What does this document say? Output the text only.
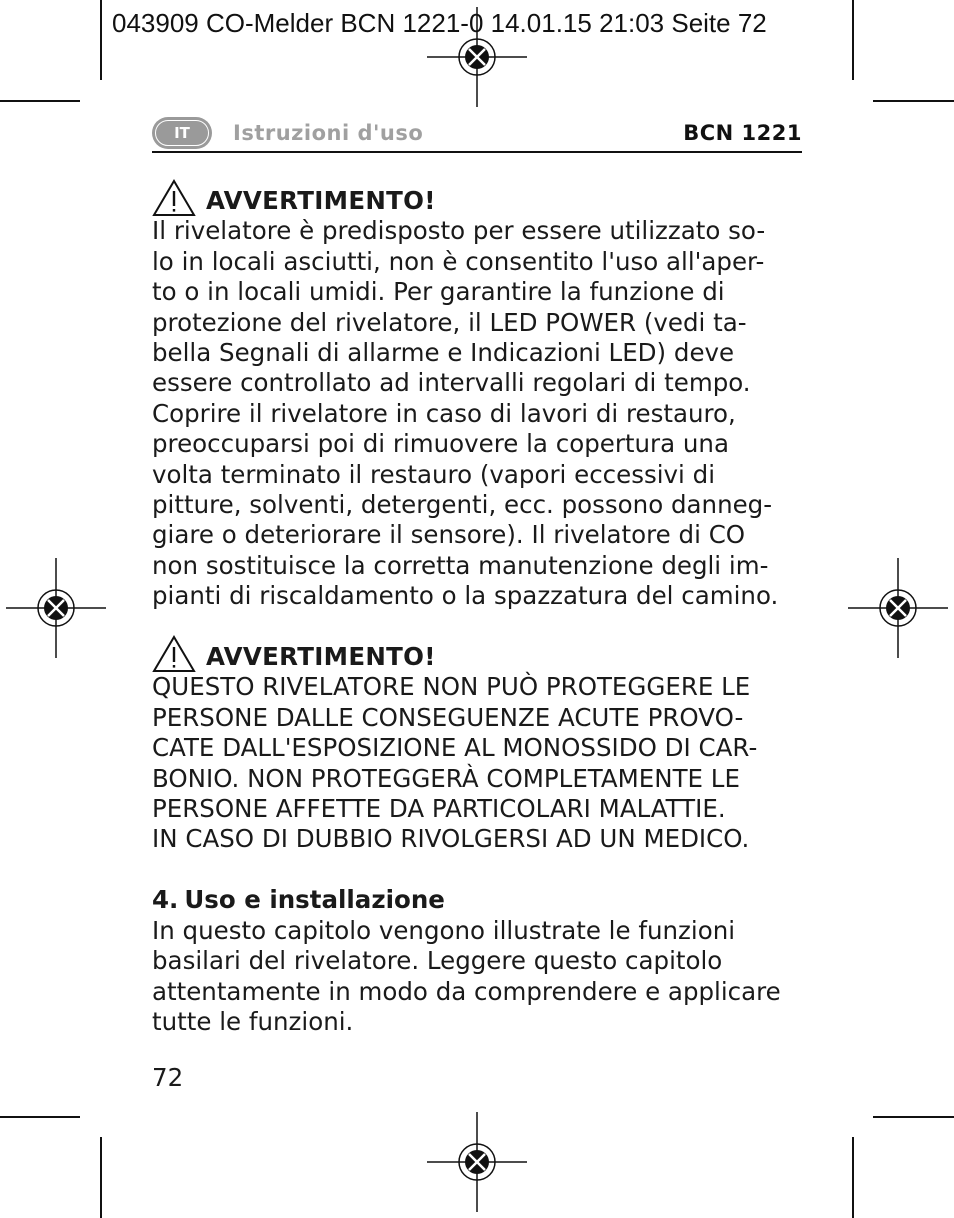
043909 CO-Melder BCN 1221-0 14.01.15 21:03 Seite 72
IT	Istruzioni d'uso	BCN 1221
AVVERTIMENTO!

Il rivelatore è predisposto per essere utilizzato so-

lo in locali asciutti, non è consentito l'uso all'aper-

to o in locali umidi. Per garantire la funzione di

protezione del rivelatore, il LED POWER (vedi ta-

bella Segnali di allarme e Indicazioni LED) deve

essere controllato ad intervalli regolari di tempo.

Coprire il rivelatore in caso di lavori di restauro,

preoccuparsi poi di rimuovere la copertura una

volta terminato il restauro (vapori eccessivi di

pitture, solventi, detergenti, ecc. possono danneg-

giare o deteriorare il sensore). Il rivelatore di CO

non sostituisce la corretta manutenzione degli im-

pianti di riscaldamento o la spazzatura del camino.

AVVERTIMENTO!

QUESTO RIVELATORE NON PUÒ PROTEGGERE LE

PERSONE DALLE CONSEGUENZE ACUTE PROVO-

CATE DALL'ESPOSIZIONE AL MONOSSIDO DI CAR-

BONIO. NON PROTEGGERÀ COMPLETAMENTE LE

PERSONE AFFETTE DA PARTICOLARI MALATTIE.

IN CASO DI DUBBIO RIVOLGERSI AD UN MEDICO.

4. Uso e installazione

In questo capitolo vengono illustrate le funzioni

basilari del rivelatore. Leggere questo capitolo

attentamente in modo da comprendere e applicare

tutte le funzioni.

72
